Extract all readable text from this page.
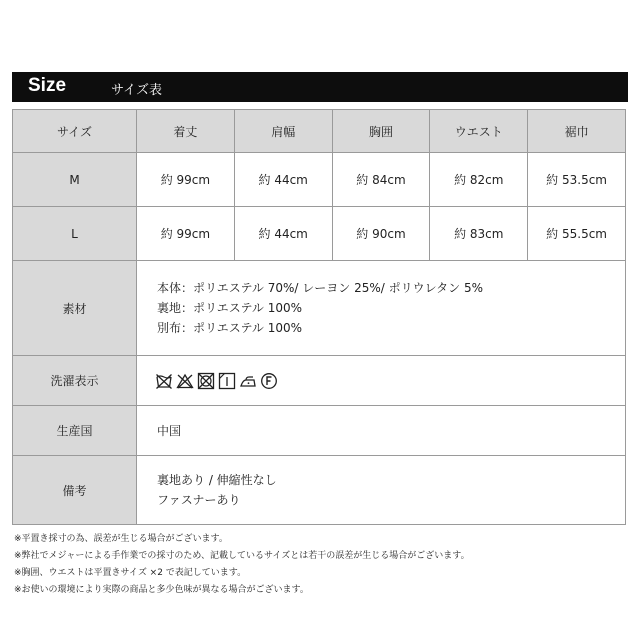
Size	サイズ表
サイズ	着丈	肩幅	胸囲	ウエスト	裾巾
M	約 99cm	約 44cm	約 84cm	約 82cm	約 53.5cm
L	約 99cm	約 44cm	約 90cm	約 83cm	約 55.5cm
素材	本体：ポリエステル 70%/ レーヨン 25%/ ポリウレタン 5%
裏地：ポリエステル 100%
別布：ポリエステル 100%				

洗濯表示	

生産国	中国				
備考	裏地あり / 伸縮性なし
ファスナーあり				
※平置き採寸の為、誤差が生じる場合がございます。
※弊社でメジャーによる手作業での採寸のため、記載しているサイズとは若干の誤差が生じる場合がございます。
※胸囲、ウエストは平置きサイズ ×2 で表記しています。
※お使いの環境により実際の商品と多少色味が異なる場合がございます。
